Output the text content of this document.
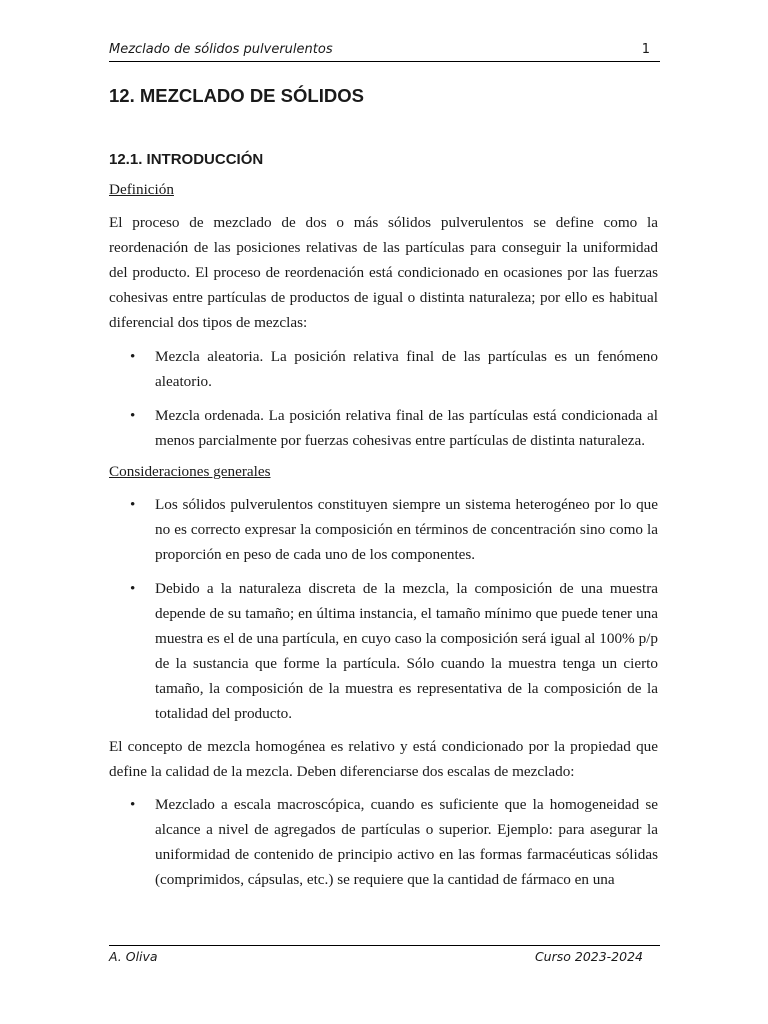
Mezclado de sólidos pulverulentos	1
12. MEZCLADO DE SÓLIDOS
12.1. INTRODUCCIÓN
Definición

El proceso de mezclado de dos o más sólidos pulverulentos se define como la reordenación de las posiciones relativas de las partículas para conseguir la uniformidad del producto. El proceso de reordenación está condicionado en ocasiones por las fuerzas cohesivas entre partículas de productos de igual o distinta naturaleza; por ello es habitual diferencial dos tipos de mezclas:

• Mezcla aleatoria. La posición relativa final de las partículas es un fenómeno aleatorio.
• Mezcla ordenada. La posición relativa final de las partículas está condicionada al menos parcialmente por fuerzas cohesivas entre partículas de distinta naturaleza.
Consideraciones generales
• Los sólidos pulverulentos constituyen siempre un sistema heterogéneo por lo que no es correcto expresar la composición en términos de concentración sino como la proporción en peso de cada uno de los componentes.
• Debido a la naturaleza discreta de la mezcla, la composición de una muestra depende de su tamaño; en última instancia, el tamaño mínimo que puede tener una muestra es el de una partícula, en cuyo caso la composición será igual al 100% p/p de la sustancia que forme la partícula. Sólo cuando la muestra tenga un cierto tamaño, la composición de la muestra es representativa de la composición de la totalidad del producto.

El concepto de mezcla homogénea es relativo y está condicionado por la propiedad que define la calidad de la mezcla. Deben diferenciarse dos escalas de mezclado:

• Mezclado a escala macroscópica, cuando es suficiente que la homogeneidad se alcance a nivel de agregados de partículas o superior. Ejemplo: para asegurar la uniformidad de contenido de principio activo en las formas farmacéuticas sólidas (comprimidos, cápsulas, etc.) se requiere que la cantidad de fármaco en una
A. Oliva	Curso 2023-2024
